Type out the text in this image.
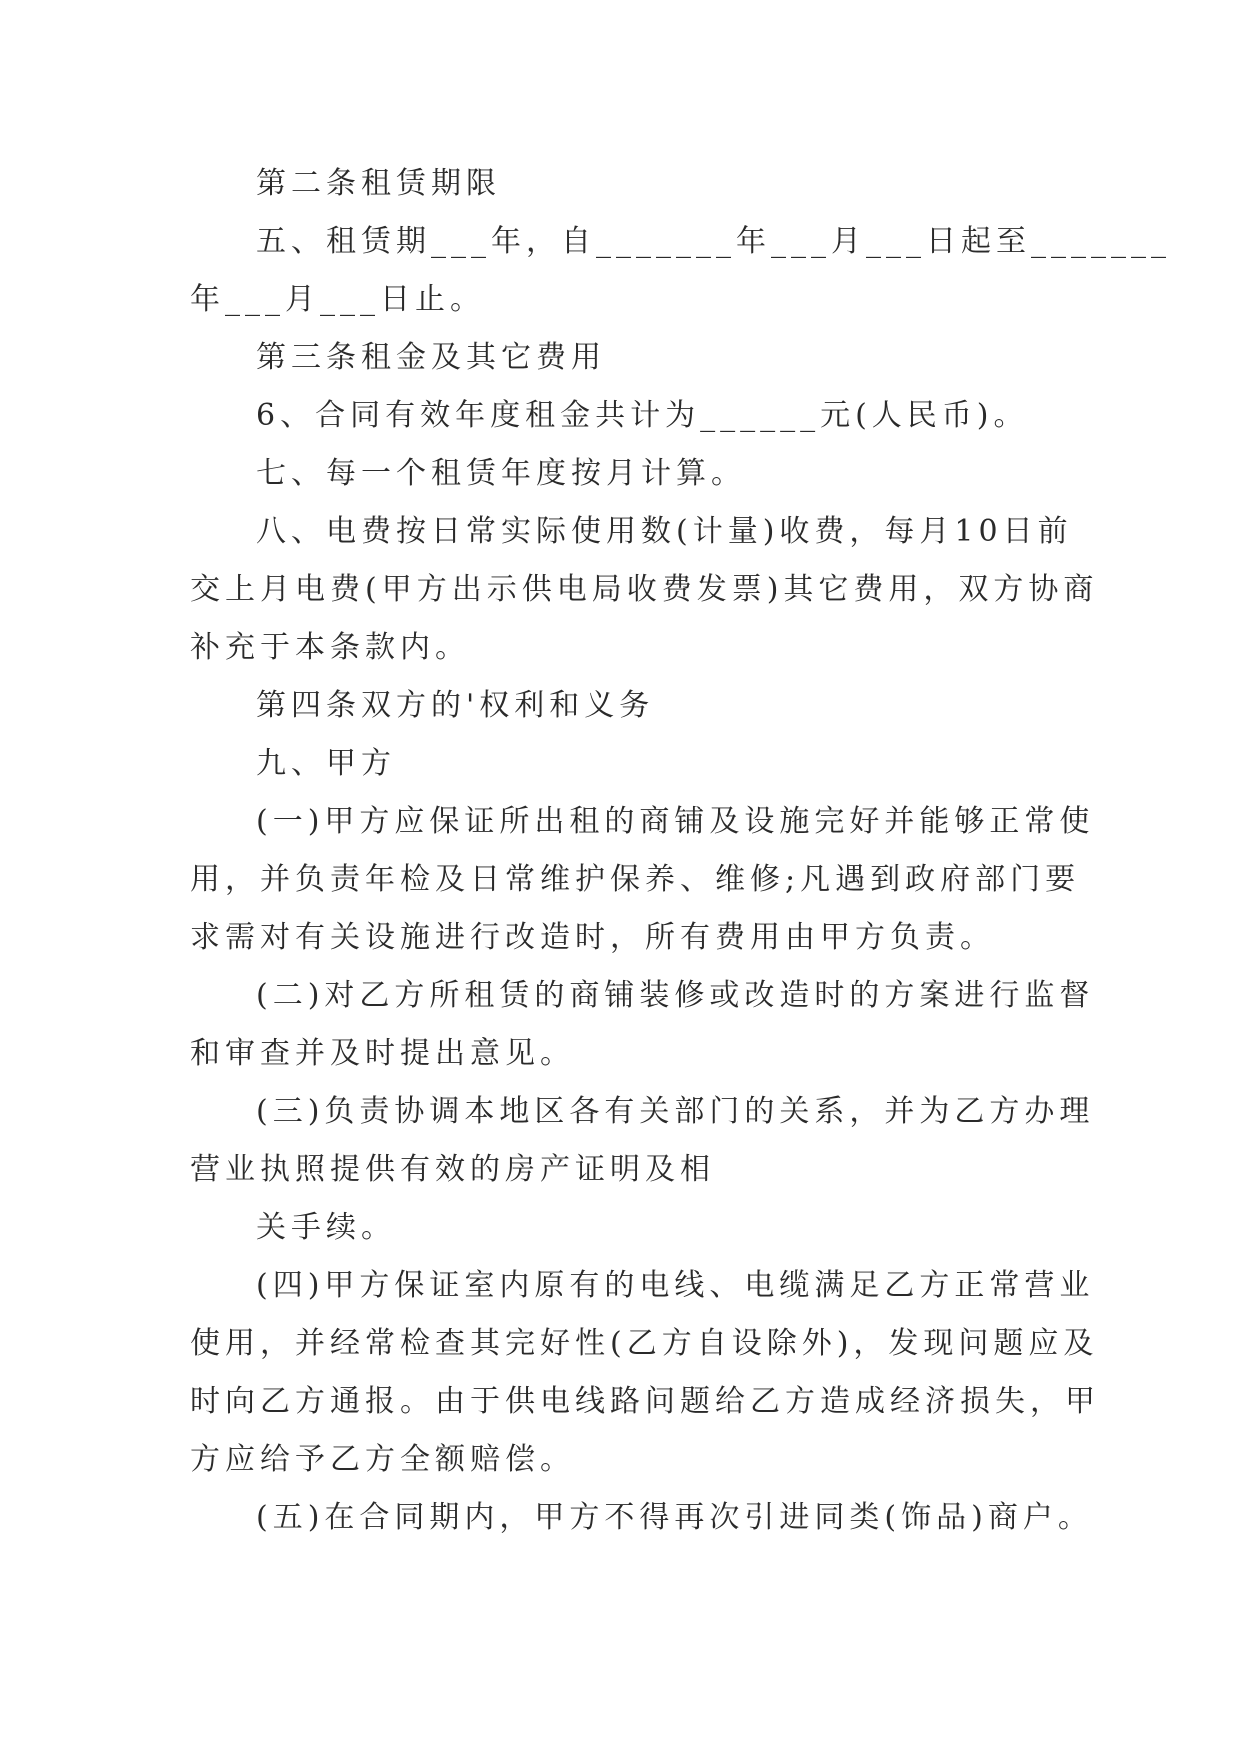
第二条租赁期限

五、租赁期___年，自_______年___月___日起至_______

年___月___日止。

第三条租金及其它费用

6、合同有效年度租金共计为______元(人民币)。

七、每一个租赁年度按月计算。

八、电费按日常实际使用数(计量)收费，每月10日前

交上月电费(甲方出示供电局收费发票)其它费用，双方协商

补充于本条款内。

第四条双方的'权利和义务

九、甲方

(一)甲方应保证所出租的商铺及设施完好并能够正常使

用，并负责年检及日常维护保养、维修;凡遇到政府部门要

求需对有关设施进行改造时，所有费用由甲方负责。

(二)对乙方所租赁的商铺装修或改造时的方案进行监督

和审查并及时提出意见。

(三)负责协调本地区各有关部门的关系，并为乙方办理

营业执照提供有效的房产证明及相

关手续。

(四)甲方保证室内原有的电线、电缆满足乙方正常营业

使用，并经常检查其完好性(乙方自设除外)，发现问题应及

时向乙方通报。由于供电线路问题给乙方造成经济损失，甲

方应给予乙方全额赔偿。

(五)在合同期内，甲方不得再次引进同类(饰品)商户。
